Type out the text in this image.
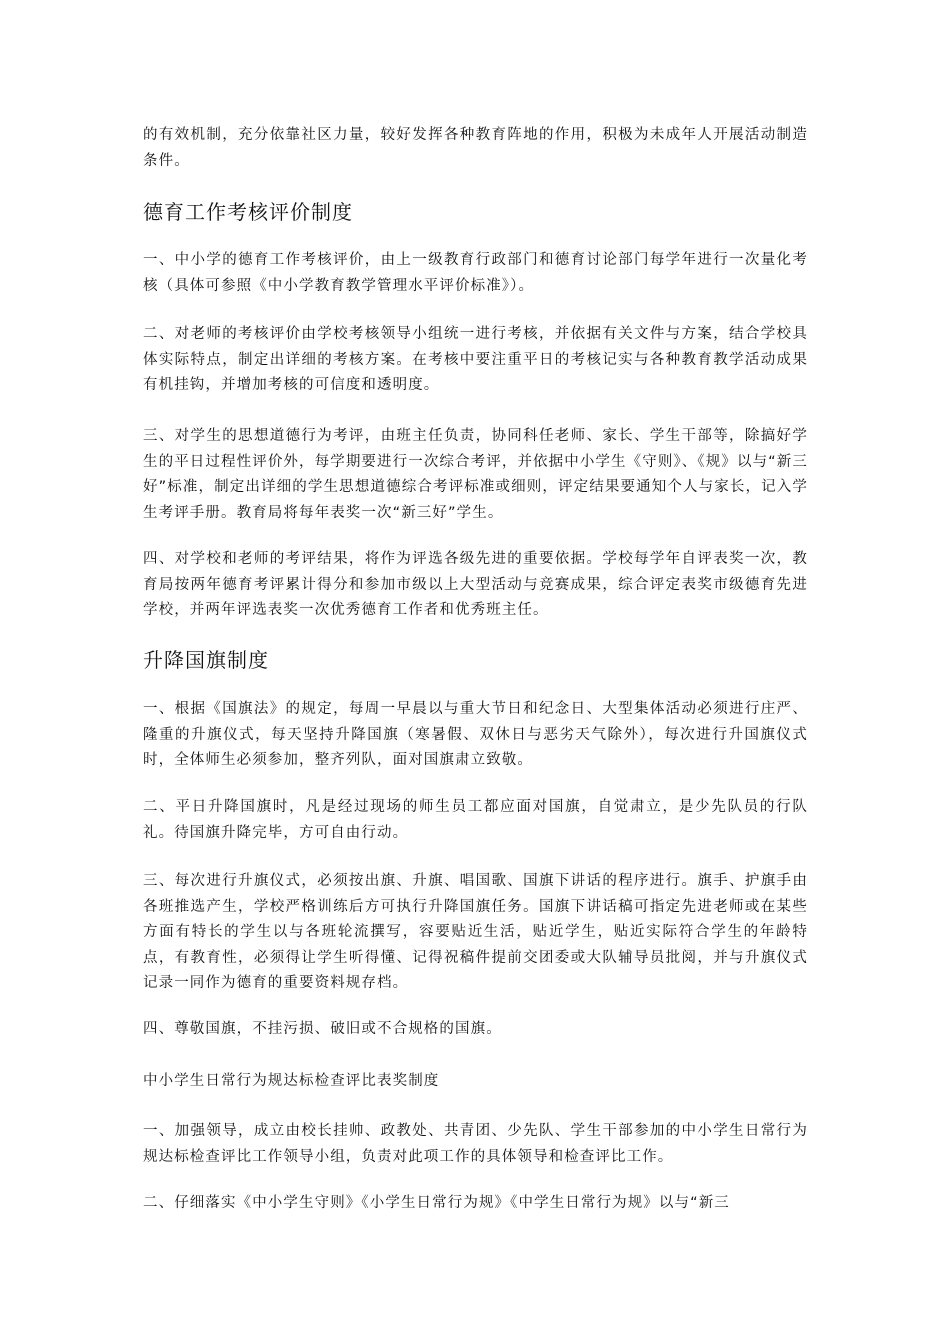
的有效机制，充分依靠社区力量，较好发挥各种教育阵地的作用，积极为未成年人开展活动制造条件。

德育工作考核评价制度

一、中小学的德育工作考核评价，由上一级教育行政部门和德育讨论部门每学年进行一次量化考核（具体可参照《中小学教育教学管理水平评价标准》）。

二、对老师的考核评价由学校考核领导小组统一进行考核，并依据有关文件与方案，结合学校具体实际特点，制定出详细的考核方案。在考核中要注重平日的考核记实与各种教育教学活动成果有机挂钩，并增加考核的可信度和透明度。

三、对学生的思想道德行为考评，由班主任负责，协同科任老师、家长、学生干部等，除搞好学生的平日过程性评价外，每学期要进行一次综合考评，并依据中小学生《守则》、《规》以与“新三好”标准，制定出详细的学生思想道德综合考评标准或细则，评定结果要通知个人与家长，记入学生考评手册。教育局将每年表奖一次“新三好”学生。

四、对学校和老师的考评结果，将作为评选各级先进的重要依据。学校每学年自评表奖一次，教育局按两年德育考评累计得分和参加市级以上大型活动与竞赛成果，综合评定表奖市级德育先进学校，并两年评选表奖一次优秀德育工作者和优秀班主任。

升降国旗制度

一、根据《国旗法》的规定，每周一早晨以与重大节日和纪念日、大型集体活动必须进行庄严、隆重的升旗仪式，每天坚持升降国旗（寒暑假、双休日与恶劣天气除外），每次进行升国旗仪式时，全体师生必须参加，整齐列队，面对国旗肃立致敬。

二、平日升降国旗时，凡是经过现场的师生员工都应面对国旗，自觉肃立，是少先队员的行队礼。待国旗升降完毕，方可自由行动。

三、每次进行升旗仪式，必须按出旗、升旗、唱国歌、国旗下讲话的程序进行。旗手、护旗手由各班推选产生，学校严格训练后方可执行升降国旗任务。国旗下讲话稿可指定先进老师或在某些方面有特长的学生以与各班轮流撰写，容要贴近生活，贴近学生，贴近实际符合学生的年龄特点，有教育性，必须得让学生听得懂、记得祝稿件提前交团委或大队辅导员批阅，并与升旗仪式记录一同作为德育的重要资料规存档。

四、尊敬国旗，不挂污损、破旧或不合规格的国旗。

中小学生日常行为规达标检查评比表奖制度

一、加强领导，成立由校长挂帅、政教处、共青团、少先队、学生干部参加的中小学生日常行为规达标检查评比工作领导小组，负责对此项工作的具体领导和检查评比工作。

二、仔细落实《中小学生守则》《小学生日常行为规》《中学生日常行为规》以与“新三
